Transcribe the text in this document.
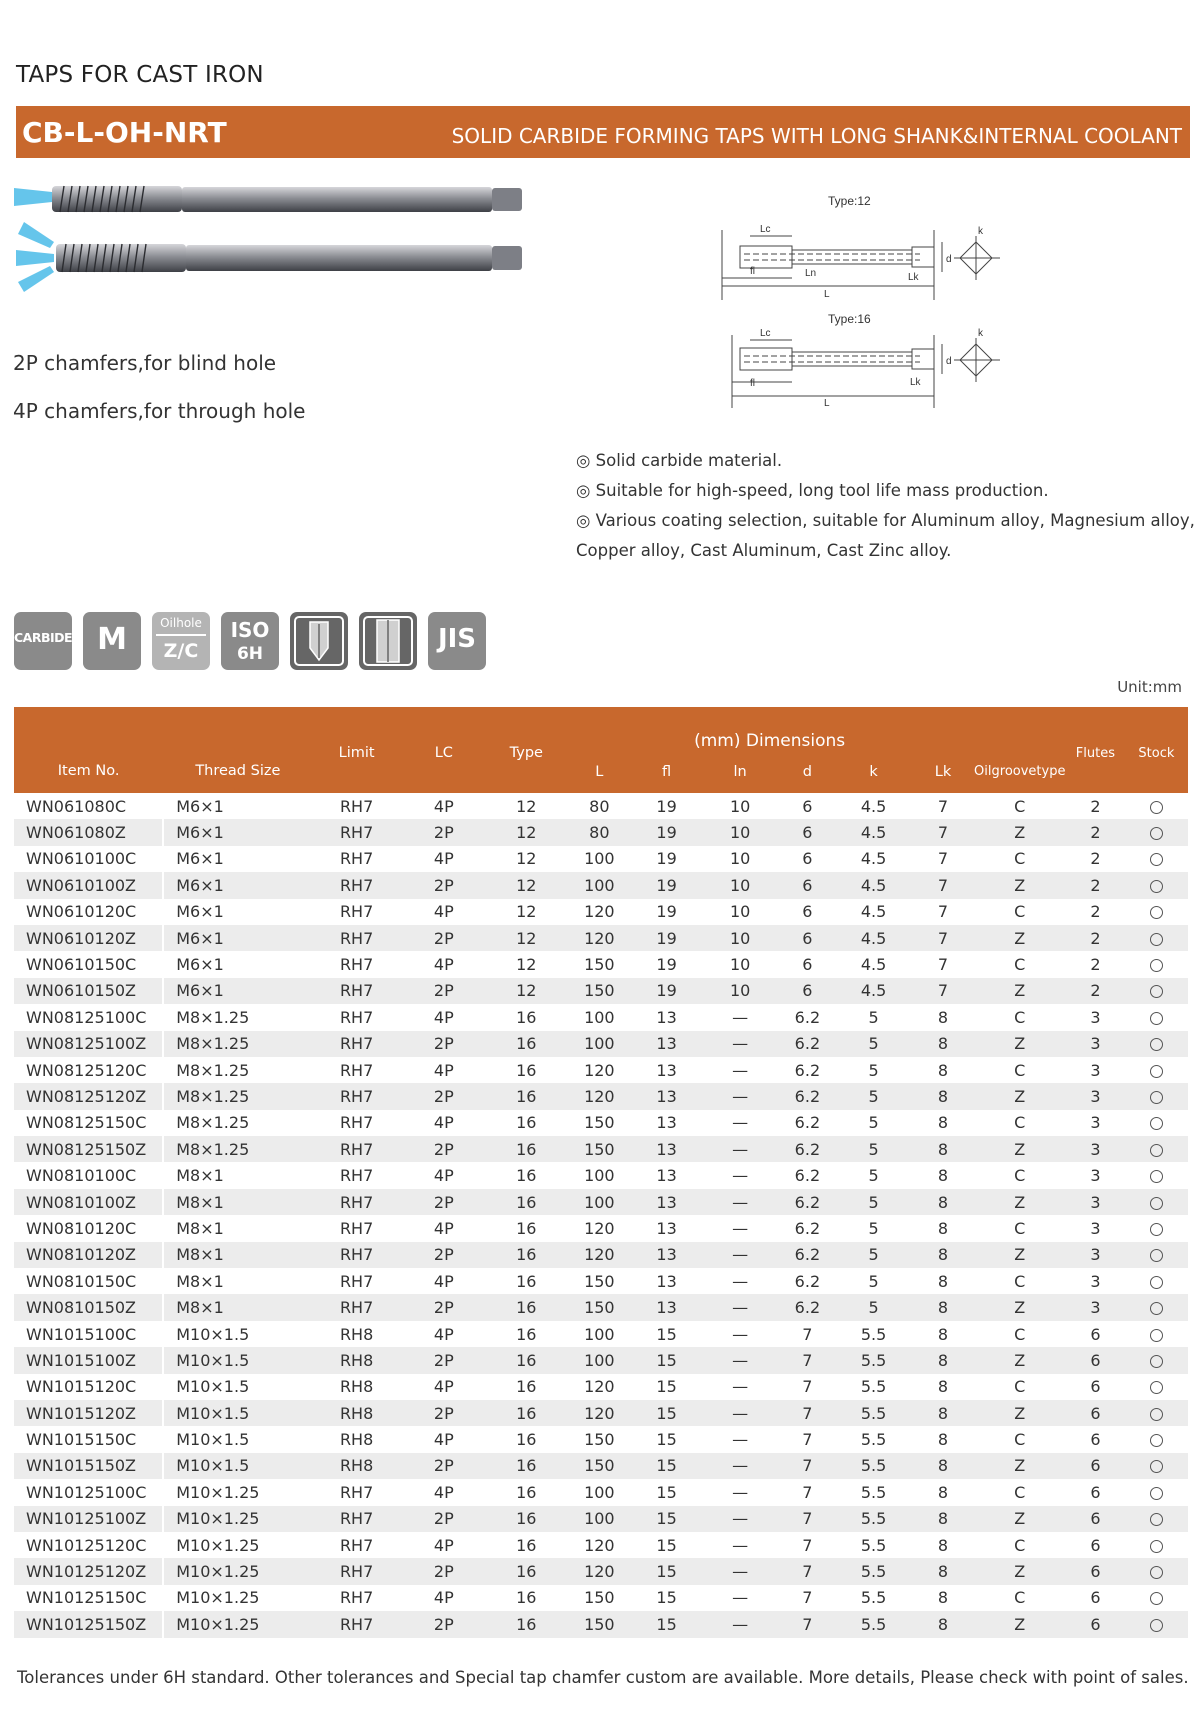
TAPS FOR CAST IRON
CB-L-OH-NRT	SOLID CARBIDE FORMING TAPS WITH LONG SHANK&INTERNAL COOLANT
2P chamfers,for blind hole
4P chamfers,for through hole
Type:12
Lc
fl	Ln
L
Lk
d
k
Type:16
Lc
fl
L
Lk
d
k
◎ Solid carbide material.
◎ Suitable for high-speed, long tool life mass production.
◎ Various coating selection, suitable for Aluminum alloy, Magnesium alloy,
Copper alloy, Cast Aluminum, Cast Zinc alloy.
CARBIDE M	Oilhole
Z/C
ISO
6H	JIS
Unit:mm
Item No.	Thread Size	Limit	LC	Type	(mm) Dimensions						Oilgroovetype	Flutes	Stock
					L	fl	ln	d	k	Lk			
WN061080C	M6×1	RH7	4P	12	80	19	10	6	4.5	7	C	2	
WN061080Z	M6×1	RH7	2P	12	80	19	10	6	4.5	7	Z	2	
WN0610100C	M6×1	RH7	4P	12	100	19	10	6	4.5	7	C	2	
WN0610100Z	M6×1	RH7	2P	12	100	19	10	6	4.5	7	Z	2	
WN0610120C	M6×1	RH7	4P	12	120	19	10	6	4.5	7	C	2	
WN0610120Z	M6×1	RH7	2P	12	120	19	10	6	4.5	7	Z	2	
WN0610150C	M6×1	RH7	4P	12	150	19	10	6	4.5	7	C	2	
WN0610150Z	M6×1	RH7	2P	12	150	19	10	6	4.5	7	Z	2	
WN08125100C	M8×1.25	RH7	4P	16	100	13	—	6.2	5	8	C	3	
WN08125100Z	M8×1.25	RH7	2P	16	100	13	—	6.2	5	8	Z	3	
WN08125120C	M8×1.25	RH7	4P	16	120	13	—	6.2	5	8	C	3	
WN08125120Z	M8×1.25	RH7	2P	16	120	13	—	6.2	5	8	Z	3	
WN08125150C	M8×1.25	RH7	4P	16	150	13	—	6.2	5	8	C	3	
WN08125150Z	M8×1.25	RH7	2P	16	150	13	—	6.2	5	8	Z	3	
WN0810100C	M8×1	RH7	4P	16	100	13	—	6.2	5	8	C	3	
WN0810100Z	M8×1	RH7	2P	16	100	13	—	6.2	5	8	Z	3	
WN0810120C	M8×1	RH7	4P	16	120	13	—	6.2	5	8	C	3	
WN0810120Z	M8×1	RH7	2P	16	120	13	—	6.2	5	8	Z	3	
WN0810150C	M8×1	RH7	4P	16	150	13	—	6.2	5	8	C	3	
WN0810150Z	M8×1	RH7	2P	16	150	13	—	6.2	5	8	Z	3	
WN1015100C	M10×1.5	RH8	4P	16	100	15	—	7	5.5	8	C	6	
WN1015100Z	M10×1.5	RH8	2P	16	100	15	—	7	5.5	8	Z	6	
WN1015120C	M10×1.5	RH8	4P	16	120	15	—	7	5.5	8	C	6	
WN1015120Z	M10×1.5	RH8	2P	16	120	15	—	7	5.5	8	Z	6	
WN1015150C	M10×1.5	RH8	4P	16	150	15	—	7	5.5	8	C	6	
WN1015150Z	M10×1.5	RH8	2P	16	150	15	—	7	5.5	8	Z	6	
WN10125100C	M10×1.25	RH7	4P	16	100	15	—	7	5.5	8	C	6	
WN10125100Z	M10×1.25	RH7	2P	16	100	15	—	7	5.5	8	Z	6	
WN10125120C	M10×1.25	RH7	4P	16	120	15	—	7	5.5	8	C	6	
WN10125120Z	M10×1.25	RH7	2P	16	120	15	—	7	5.5	8	Z	6	
WN10125150C	M10×1.25	RH7	4P	16	150	15	—	7	5.5	8	C	6	
WN10125150Z	M10×1.25	RH7	2P	16	150	15	—	7	5.5	8	Z	6	
Tolerances under 6H standard. Other tolerances and Special tap chamfer custom are available. More details, Please check with point of sales.
